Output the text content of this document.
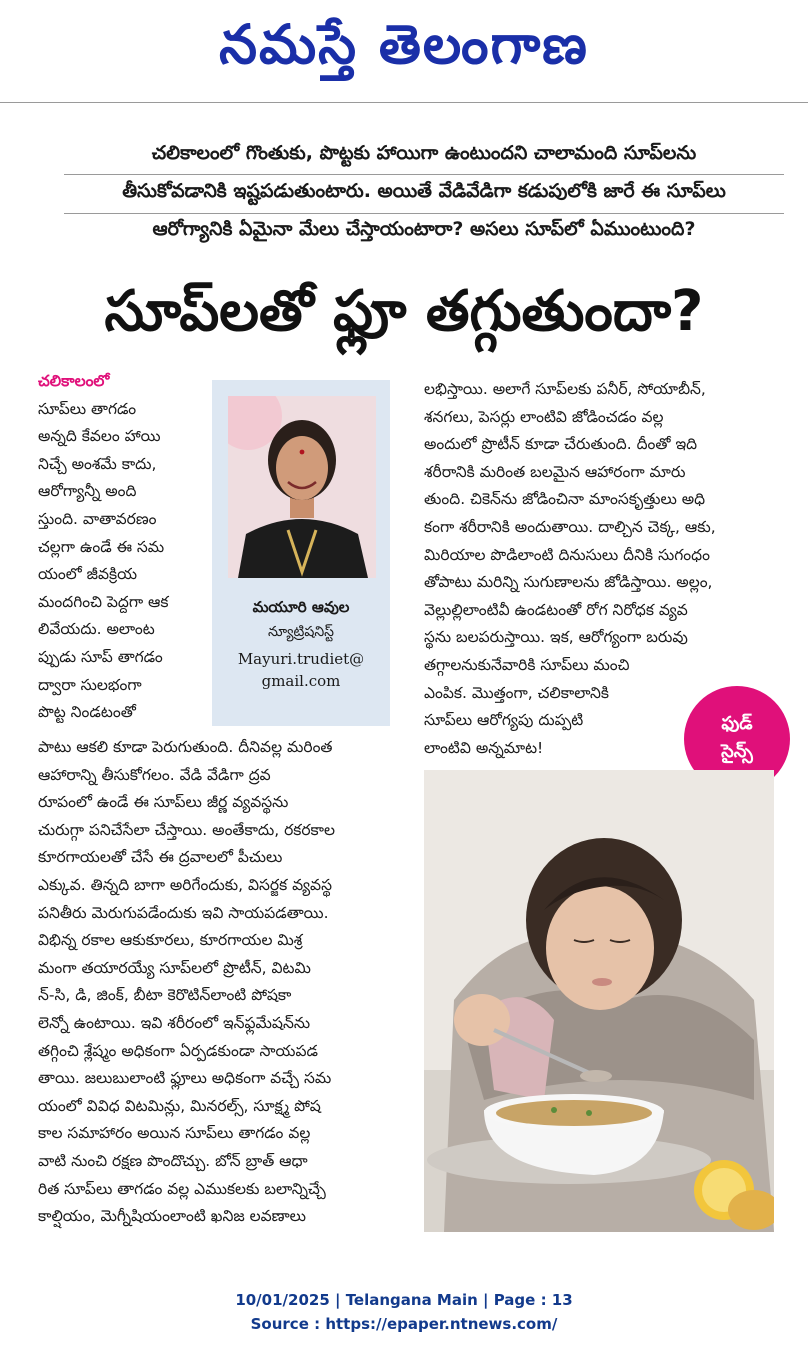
నమస్తే తెలంగాణ
చలికాలంలో గొంతుకు, పొట్టకు హాయిగా ఉంటుందని చాలామంది సూప్‌లను
తీసుకోవడానికి ఇష్టపడుతుంటారు. అయితే వేడివేడిగా కడుపులోకి జారే ఈ సూప్‌లు
ఆరోగ్యానికి ఏమైనా మేలు చేస్తాయంటారా? అసలు సూప్‌లో ఏముంటుంది?
సూప్‌లతో ఫ్లూ తగ్గుతుందా?
చలికాలంలో
సూప్‌లు తాగడం
అన్నది కేవలం హాయి
నిచ్చే అంశమే కాదు,
ఆరోగ్యాన్నీ అంది
స్తుంది. వాతావరణం
చల్లగా ఉండే ఈ సమ
యంలో జీవక్రియ
మందగించి పెద్దగా ఆక
లివేయదు. అలాంట
ప్పుడు సూప్ తాగడం
ద్వారా సులభంగా
పొట్ట నిండటంతో
పాటు ఆకలి కూడా పెరుగుతుంది. దీనివల్ల మరింత
ఆహారాన్ని తీసుకోగలం. వేడి వేడిగా ద్రవ
రూపంలో ఉండే ఈ సూప్‌లు జీర్ణ వ్యవస్థను
చురుగ్గా పనిచేసేలా చేస్తాయి. అంతేకాదు, రకరకాల
కూరగాయలతో చేసే ఈ ద్రవాలలో పీచులు
ఎక్కువ. తిన్నది బాగా అరిగేందుకు, విసర్జక వ్యవస్థ
పనితీరు మెరుగుపడేందుకు ఇవి సాయపడతాయి.
విభిన్న రకాల ఆకుకూరలు, కూరగాయల మిశ్ర
మంగా తయారయ్యే సూప్‌లలో ప్రొటీన్, విటమి
న్-సి, డి, జింక్, బీటా కెరొటిన్‌లాంటి పోషకా
లెన్నో ఉంటాయి. ఇవి శరీరంలో ఇన్‌ఫ్లమేషన్‌ను
తగ్గించి శ్లేష్మం అధికంగా ఏర్పడకుండా సాయపడ
తాయి. జలుబులాంటి ఫ్లూలు అధికంగా వచ్చే సమ
యంలో వివిధ విటమిన్లు, మినరల్స్, సూక్ష్మ పోష
కాల సమాహారం అయిన సూప్‌లు తాగడం వల్ల
వాటి నుంచి రక్షణ పొందొచ్చు. బోన్ బ్రాత్ ఆధా
రిత సూప్‌లు తాగడం వల్ల ఎముకలకు బలాన్నిచ్చే
కాల్షియం, మెగ్నీషియంలాంటి ఖనిజ లవణాలు
మయూరి ఆవుల
న్యూట్రిషనిస్ట్
Mayuri.trudiet@
gmail.com
లభిస్తాయి. అలాగే సూప్‌లకు పనీర్, సోయాబీన్,
శనగలు, పెసర్లు లాంటివి జోడించడం వల్ల
అందులో ప్రొటీన్ కూడా చేరుతుంది. దీంతో ఇది
శరీరానికి మరింత బలమైన ఆహారంగా మారు
తుంది. చికెన్‌ను జోడించినా మాంసకృత్తులు అధి
కంగా శరీరానికి అందుతాయి. దాల్చిన చెక్క, ఆకు,
మిరియాల పొడిలాంటి దినుసులు దీనికి సుగంధం
తోపాటు మరిన్ని సుగుణాలను జోడిస్తాయి. అల్లం,
వెల్లుల్లిలాంటివీ ఉండటంతో రోగ నిరోధక వ్యవ
స్థను బలపరుస్తాయి. ఇక, ఆరోగ్యంగా బరువు
తగ్గాలనుకునేవారికి సూప్‌లు మంచి
ఎంపిక. మొత్తంగా, చలికాలానికి
సూప్‌లు ఆరోగ్యపు దుప్పటి
లాంటివి అన్నమాట!
ఫుడ్
సైన్స్
10/01/2025 | Telangana Main | Page : 13
Source : https://epaper.ntnews.com/
